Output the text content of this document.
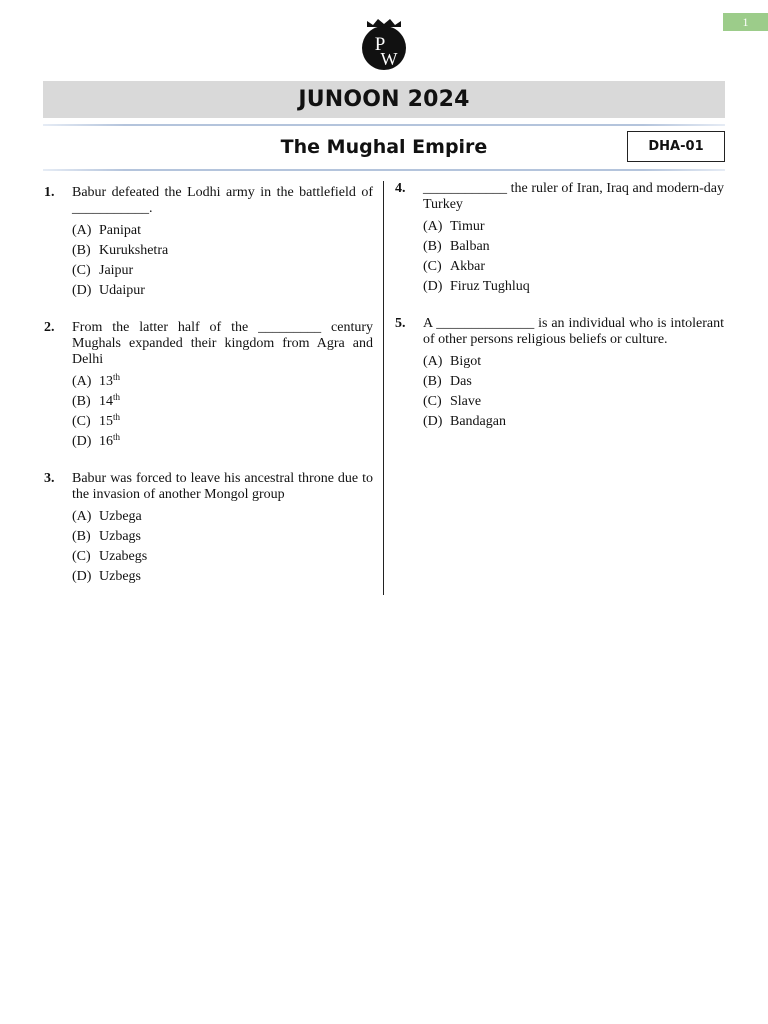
1
P
W
JUNOON 2024
The Mughal Empire	DHA-01
1. Babur defeated the Lodhi army in the battlefield of ___________.
(A) Panipat
(B) Kurukshetra
(C) Jaipur
(D) Udaipur
2. From the latter half of the _________ century Mughals expanded their kingdom from Agra and Delhi
(A) 13th
(B) 14th
(C) 15th
(D) 16th
3. Babur was forced to leave his ancestral throne due to the invasion of another Mongol group
(A) Uzbega
(B) Uzbags
(C) Uzabegs
(D) Uzbegs
4. ____________ the ruler of Iran, Iraq and modern-day Turkey
(A) Timur
(B) Balban
(C) Akbar
(D) Firuz Tughluq
5. A ______________ is an individual who is intolerant of other persons religious beliefs or culture.
(A) Bigot
(B) Das
(C) Slave
(D) Bandagan
